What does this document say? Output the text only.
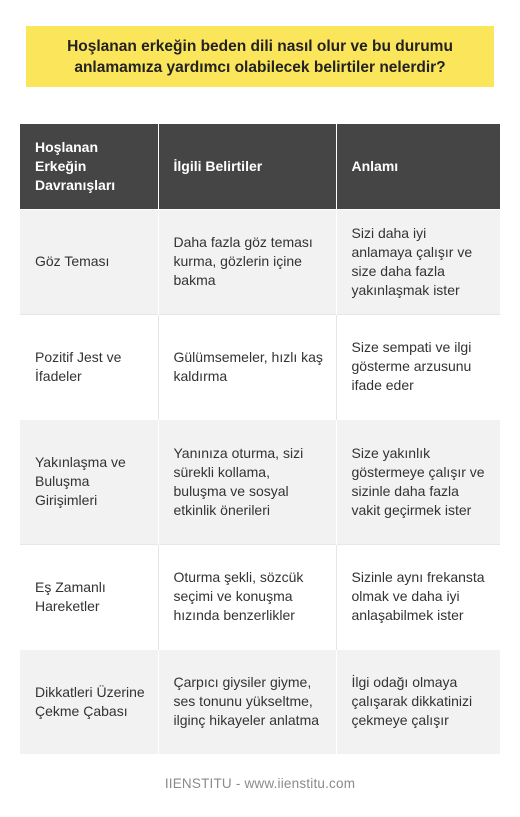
Hoşlanan erkeğin beden dili nasıl olur ve bu durumu anlamamıza yardımcı olabilecek belirtiler nelerdir?
Hoşlanan Erkeğin Davranışları	İlgili Belirtiler	Anlamı
Göz Teması	Daha fazla göz teması kurma, gözlerin içine bakma	Sizi daha iyi anlamaya çalışır ve size daha fazla yakınlaşmak ister
Pozitif Jest ve İfadeler	Gülümsemeler, hızlı kaş kaldırma	Size sempati ve ilgi gösterme arzusunu ifade eder
Yakınlaşma ve Buluşma Girişimleri	Yanınıza oturma, sizi sürekli kollama, buluşma ve sosyal etkinlik önerileri	Size yakınlık göstermeye çalışır ve sizinle daha fazla vakit geçirmek ister
Eş Zamanlı Hareketler	Oturma şekli, sözcük seçimi ve konuşma hızında benzerlikler	Sizinle aynı frekansta olmak ve daha iyi anlaşabilmek ister
Dikkatleri Üzerine Çekme Çabası	Çarpıcı giysiler giyme, ses tonunu yükseltme, ilginç hikayeler anlatma	İlgi odağı olmaya çalışarak dikkatinizi çekmeye çalışır
IIENSTITU - www.iienstitu.com
